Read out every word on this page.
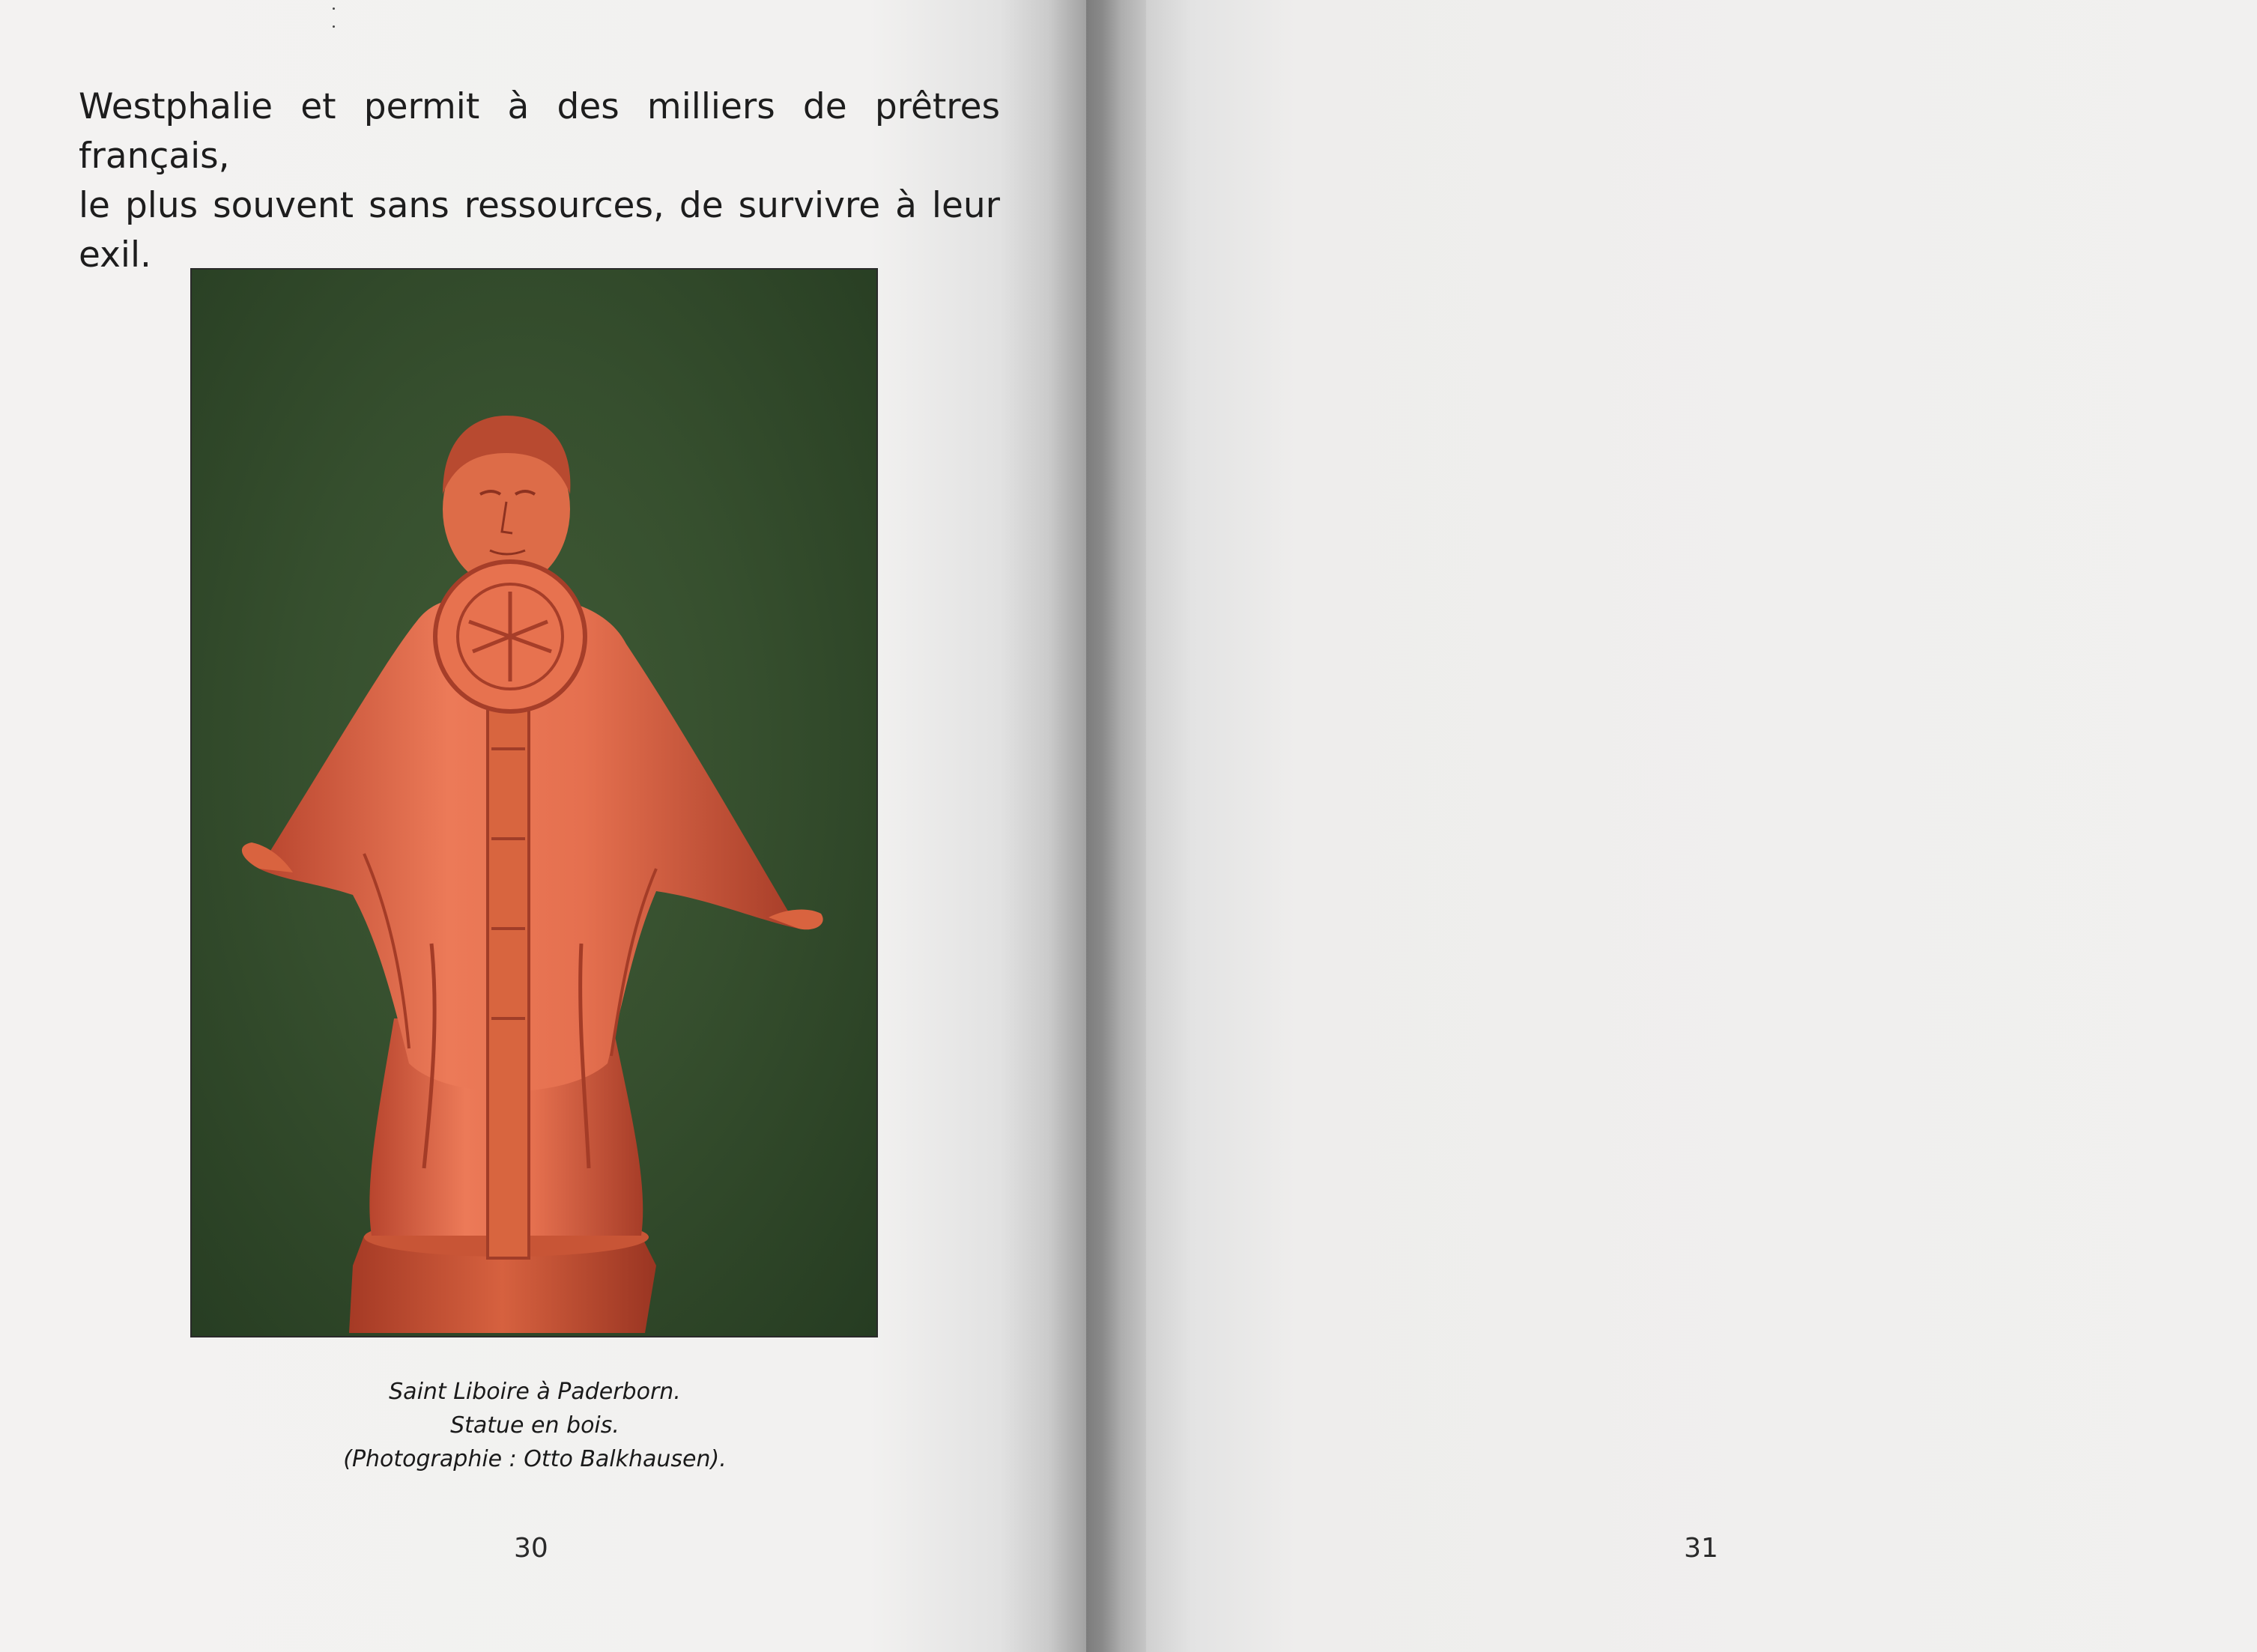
Westphalie et permit à des milliers de prêtres français,

le plus souvent sans ressources, de survivre à leur exil.

Saint Liboire à Paderborn.
Statue en bois.
(Photographie : Otto Balkhausen).
30	31
